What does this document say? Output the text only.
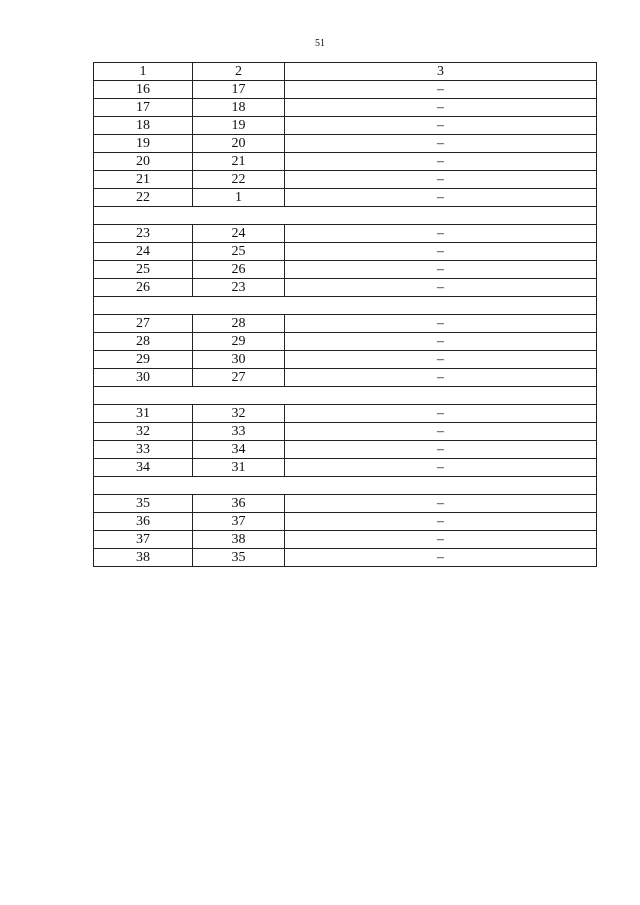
51
1	2	3
16	17	–
17	18	–
18	19	–
19	20	–
20	21	–
21	22	–
22	1	–

23	24	–
24	25	–
25	26	–
26	23	–

27	28	–
28	29	–
29	30	–
30	27	–

31	32	–
32	33	–
33	34	–
34	31	–

35	36	–
36	37	–
37	38	–
38	35	–
